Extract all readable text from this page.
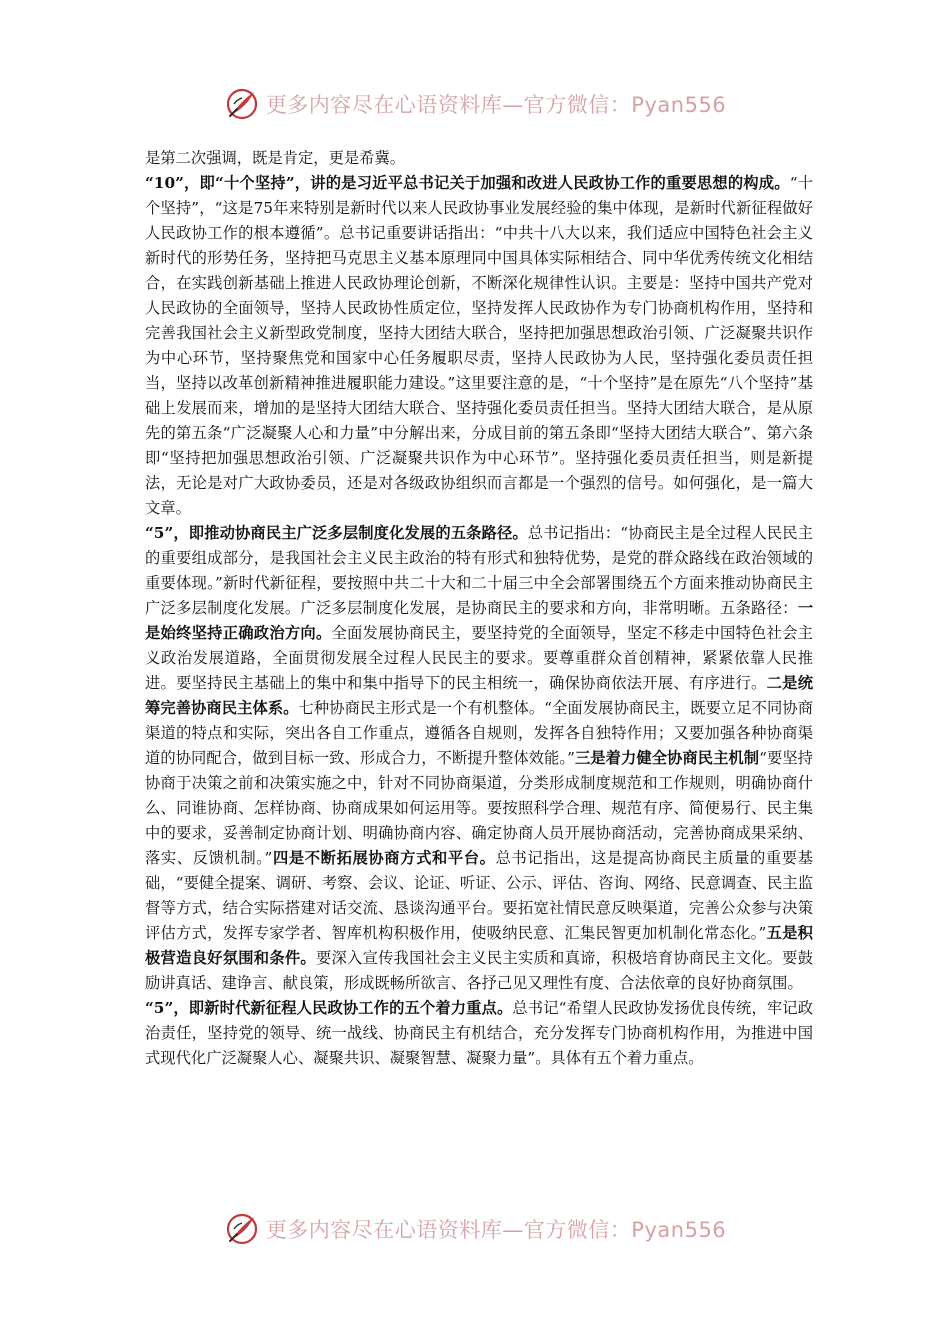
更多内容尽在心语资料库—官方微信：Pyan556

是第二次强调，既是肯定，更是希冀。

“10”，即“十个坚持”，讲的是习近平总书记关于加强和改进人民政协工作的重要思想的构成。“十个坚持”，“这是75年来特别是新时代以来人民政协事业发展经验的集中体现，是新时代新征程做好人民政协工作的根本遵循”。总书记重要讲话指出：“中共十八大以来，我们适应中国特色社会主义新时代的形势任务，坚持把马克思主义基本原理同中国具体实际相结合、同中华优秀传统文化相结合，在实践创新基础上推进人民政协理论创新，不断深化规律性认识。主要是：坚持中国共产党对人民政协的全面领导，坚持人民政协性质定位，坚持发挥人民政协作为专门协商机构作用，坚持和完善我国社会主义新型政党制度，坚持大团结大联合，坚持把加强思想政治引领、广泛凝聚共识作为中心环节，坚持聚焦党和国家中心任务履职尽责，坚持人民政协为人民，坚持强化委员责任担当，坚持以改革创新精神推进履职能力建设。”这里要注意的是，“十个坚持”是在原先“八个坚持”基础上发展而来，增加的是坚持大团结大联合、坚持强化委员责任担当。坚持大团结大联合，是从原先的第五条“广泛凝聚人心和力量”中分解出来，分成目前的第五条即“坚持大团结大联合”、第六条即“坚持把加强思想政治引领、广泛凝聚共识作为中心环节”。坚持强化委员责任担当，则是新提法，无论是对广大政协委员，还是对各级政协组织而言都是一个强烈的信号。如何强化，是一篇大文章。

“5”，即推动协商民主广泛多层制度化发展的五条路径。总书记指出：“协商民主是全过程人民民主的重要组成部分，是我国社会主义民主政治的特有形式和独特优势，是党的群众路线在政治领域的重要体现。”新时代新征程，要按照中共二十大和二十届三中全会部署围绕五个方面来推动协商民主广泛多层制度化发展。广泛多层制度化发展，是协商民主的要求和方向，非常明晰。五条路径：一是始终坚持正确政治方向。全面发展协商民主，要坚持党的全面领导，坚定不移走中国特色社会主义政治发展道路，全面贯彻发展全过程人民民主的要求。要尊重群众首创精神，紧紧依靠人民推进。要坚持民主基础上的集中和集中指导下的民主相统一，确保协商依法开展、有序进行。二是统筹完善协商民主体系。七种协商民主形式是一个有机整体。“全面发展协商民主，既要立足不同协商渠道的特点和实际，突出各自工作重点，遵循各自规则，发挥各自独特作用；又要加强各种协商渠道的协同配合，做到目标一致、形成合力，不断提升整体效能。”三是着力健全协商民主机制“要坚持协商于决策之前和决策实施之中，针对不同协商渠道，分类形成制度规范和工作规则，明确协商什么、同谁协商、怎样协商、协商成果如何运用等。要按照科学合理、规范有序、简便易行、民主集中的要求，妥善制定协商计划、明确协商内容、确定协商人员开展协商活动，完善协商成果采纳、落实、反馈机制。”四是不断拓展协商方式和平台。总书记指出，这是提高协商民主质量的重要基础，“要健全提案、调研、考察、会议、论证、听证、公示、评估、咨询、网络、民意调查、民主监督等方式，结合实际搭建对话交流、恳谈沟通平台。要拓宽社情民意反映渠道，完善公众参与决策评估方式，发挥专家学者、智库机构积极作用，使吸纳民意、汇集民智更加机制化常态化。”五是积极营造良好氛围和条件。要深入宣传我国社会主义民主实质和真谛，积极培育协商民主文化。要鼓励讲真话、建诤言、献良策，形成既畅所欲言、各抒己见又理性有度、合法依章的良好协商氛围。

“5”，即新时代新征程人民政协工作的五个着力重点。总书记“希望人民政协发扬优良传统，牢记政治责任，坚持党的领导、统一战线、协商民主有机结合，充分发挥专门协商机构作用，为推进中国式现代化广泛凝聚人心、凝聚共识、凝聚智慧、凝聚力量”。具体有五个着力重点。

更多内容尽在心语资料库—官方微信：Pyan556
